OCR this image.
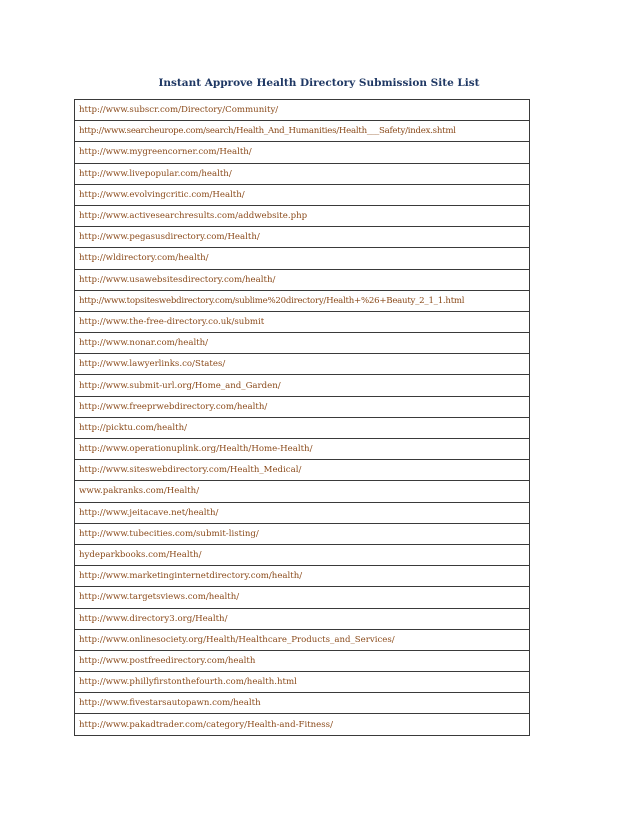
Instant Approve Health Directory Submission Site List
http://www.subscr.com/Directory/Community/
http://www.searcheurope.com/search/Health_And_Humanities/Health___Safety/index.shtml
http://www.mygreencorner.com/Health/
http://www.livepopular.com/health/
http://www.evolvingcritic.com/Health/
http://www.activesearchresults.com/addwebsite.php
http://www.pegasusdirectory.com/Health/
http://wldirectory.com/health/
http://www.usawebsitesdirectory.com/health/
http://www.topsiteswebdirectory.com/sublime%20directory/Health+%26+Beauty_2_1_1.html
http://www.the-free-directory.co.uk/submit
http://www.nonar.com/health/
http://www.lawyerlinks.co/States/
http://www.submit-url.org/Home_and_Garden/
http://www.freeprwebdirectory.com/health/
http://picktu.com/health/
http://www.operationuplink.org/Health/Home-Health/
http://www.siteswebdirectory.com/Health_Medical/
www.pakranks.com/Health/
http://www.jeitacave.net/health/
http://www.tubecities.com/submit-listing/
hydeparkbooks.com/Health/
http://www.marketinginternetdirectory.com/health/
http://www.targetsviews.com/health/
http://www.directory3.org/Health/
http://www.onlinesociety.org/Health/Healthcare_Products_and_Services/
http://www.postfreedirectory.com/health
http://www.phillyfirstonthefourth.com/health.html
http://www.fivestarsautopawn.com/health
http://www.pakadtrader.com/category/Health-and-Fitness/
